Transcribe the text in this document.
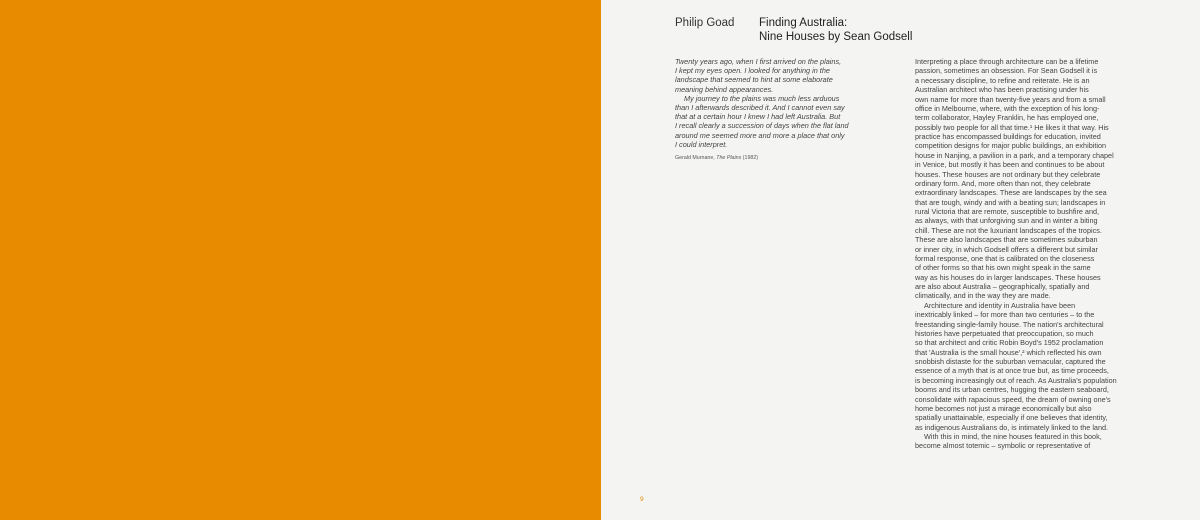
Philip Goad Finding Australia:
Nine Houses by Sean Godsell
Twenty years ago, when I first arrived on the plains,
I kept my eyes open. I looked for anything in the
landscape that seemed to hint at some elaborate
meaning behind appearances.
My journey to the plains was much less arduous
than I afterwards described it. And I cannot even say
that at a certain hour I knew I had left Australia. But
I recall clearly a succession of days when the flat land
around me seemed more and more a place that only
I could interpret.
Gerald Murnane, The Plains (1982)
Interpreting a place through architecture can be a lifetime
passion, sometimes an obsession. For Sean Godsell it is
a necessary discipline, to refine and reiterate. He is an
Australian architect who has been practising under his
own name for more than twenty-five years and from a small
office in Melbourne, where, with the exception of his long-
term collaborator, Hayley Franklin, he has employed one,
possibly two people for all that time.¹ He likes it that way. His
practice has encompassed buildings for education, invited
competition designs for major public buildings, an exhibition
house in Nanjing, a pavilion in a park, and a temporary chapel
in Venice, but mostly it has been and continues to be about
houses. These houses are not ordinary but they celebrate
ordinary form. And, more often than not, they celebrate
extraordinary landscapes. These are landscapes by the sea
that are tough, windy and with a beating sun; landscapes in
rural Victoria that are remote, susceptible to bushfire and,
as always, with that unforgiving sun and in winter a biting
chill. These are not the luxuriant landscapes of the tropics.
These are also landscapes that are sometimes suburban
or inner city, in which Godsell offers a different but similar
formal response, one that is calibrated on the closeness
of other forms so that his own might speak in the same
way as his houses do in larger landscapes. These houses
are also about Australia – geographically, spatially and
climatically, and in the way they are made.
Architecture and identity in Australia have been
inextricably linked – for more than two centuries – to the
freestanding single-family house. The nation's architectural
histories have perpetuated that preoccupation, so much
so that architect and critic Robin Boyd's 1952 proclamation
that 'Australia is the small house',² which reflected his own
snobbish distaste for the suburban vernacular, captured the
essence of a myth that is at once true but, as time proceeds,
is becoming increasingly out of reach. As Australia's population
booms and its urban centres, hugging the eastern seaboard,
consolidate with rapacious speed, the dream of owning one's
home becomes not just a mirage economically but also
spatially unattainable, especially if one believes that identity,
as indigenous Australians do, is intimately linked to the land.
With this in mind, the nine houses featured in this book,
become almost totemic – symbolic or representative of
9
